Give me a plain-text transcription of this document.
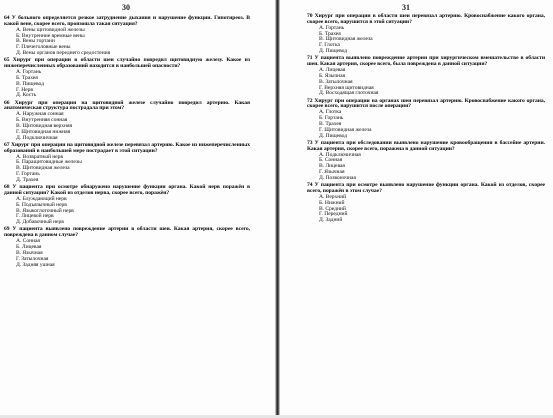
30
64 У больного определяется резкое затруднение дыхания и нарушение функции. Гипотиреоз. В какой вене, скорее всего, произошла такая ситуация?
А. Вены щитовидной железы
Б. Внутренние яремные вены
В. Вены гортани
Г. Плечеголовные вены
Д. Вены органов переднего средостения
65 Хирург при операции в области шеи случайно повредил щитовидную железу. Какое из нижеперечисленных образований находится в наибольшей опасности?
А. Гортань
Б. Трахея
В. Пищевод
Г. Нерв
Д. Кость
66 Хирург при операции на щитовидной железе случайно повредил артерию. Какая анатомическая структура пострадала при этом?
А. Наружная сонная
Б. Внутренняя сонная
В. Щитовидная верхняя
Г. Щитовидная нижняя
Д. Подключичная
67 Хирург при операции на щитовидной железе перевязал артерию. Какое из нижеперечисленных образований в наибольшей мере пострадает в этой ситуации?
А. Возвратный нерв
Б. Паращитовидные железы
В. Щитовидная железа
Г. Гортань
Д. Трахея
68 У пациента при осмотре обнаружено нарушение функции органа. Какой нерв поражён в данной ситуации? Какой из отделов нерва, скорее всего, поражён?
А. Блуждающий нерв
Б. Подъязычный нерв
В. Языкоглоточный нерв
Г. Лицевой нерв
Д. Добавочный нерв
69 У пациента выявлено повреждение артерии в области шеи. Какая артерия, скорее всего, повреждена в данном случае?
А. Сонная
Б. Лицевая
В. Язычная
Г. Затылочная
Д. Задняя ушная
31
70 Хирург при операции в области шеи перевязал артерию. Кровоснабжение какого органа, скорее всего, нарушится в этой ситуации?
А. Гортань
Б. Трахея
В. Щитовидная железа
Г. Глотка
Д. Пищевод
71 У пациента выявлено повреждение артерии при хирургическом вмешательстве в области шеи. Какая артерия, скорее всего, была повреждена в данной ситуации?
А. Лицевая
Б. Язычная
В. Затылочная
Г. Верхняя щитовидная
Д. Восходящая глоточная
72 Хирург при операции на органах шеи перевязал артерию. Кровоснабжение какого органа, скорее всего, нарушится после операции?
А. Глотка
Б. Гортань
В. Трахея
Г. Щитовидная железа
Д. Пищевод
73 У пациента при обследовании выявлено нарушение кровообращения в бассейне артерии. Какая артерия, скорее всего, поражена в данной ситуации?
А. Подключичная
Б. Сонная
В. Лицевая
Г. Язычная
Д. Позвоночная
74 У пациента при осмотре выявлено нарушение функции органа. Какой из отделов, скорее всего, поражён в этом случае?
А. Верхний
Б. Нижний
В. Средний
Г. Передний
Д. Задний
